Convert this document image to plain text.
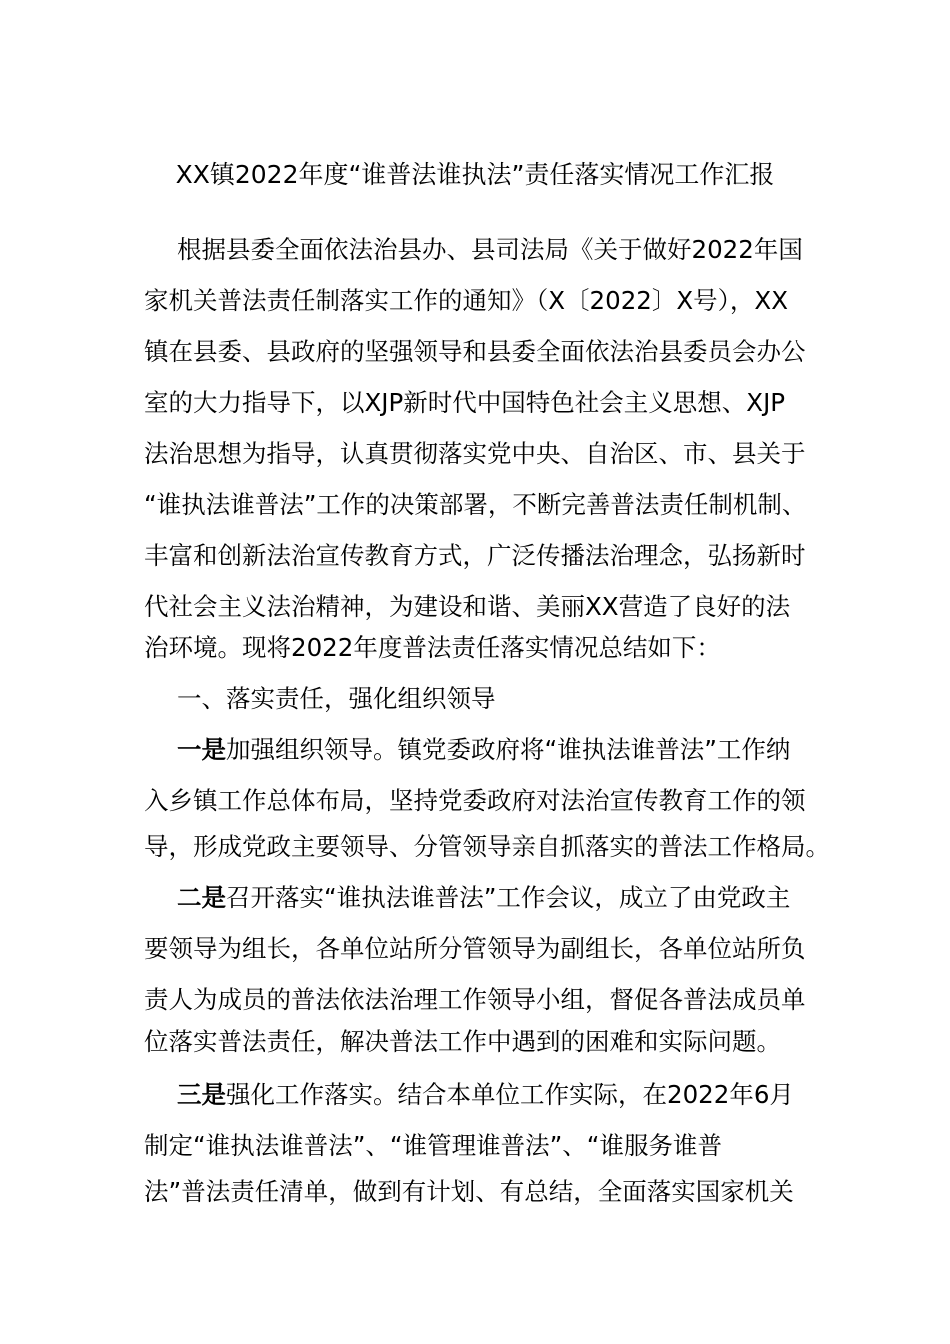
XX镇2022年度“谁普法谁执法”责任落实情况工作汇报
根据县委全面依法治县办、县司法局《关于做好2022年国
家机关普法责任制落实工作的通知》（X〔2022〕X号），XX
镇在县委、县政府的坚强领导和县委全面依法治县委员会办公
室的大力指导下，以XJP新时代中国特色社会主义思想、XJP
法治思想为指导，认真贯彻落实党中央、自治区、市、县关于
“谁执法谁普法”工作的决策部署，不断完善普法责任制机制、
丰富和创新法治宣传教育方式，广泛传播法治理念，弘扬新时
代社会主义法治精神，为建设和谐、美丽XX营造了良好的法
治环境。现将2022年度普法责任落实情况总结如下：
一、落实责任，强化组织领导
一是加强组织领导。镇党委政府将“谁执法谁普法”工作纳
入乡镇工作总体布局，坚持党委政府对法治宣传教育工作的领
导，形成党政主要领导、分管领导亲自抓落实的普法工作格局。
二是召开落实“谁执法谁普法”工作会议，成立了由党政主
要领导为组长，各单位站所分管领导为副组长，各单位站所负
责人为成员的普法依法治理工作领导小组，督促各普法成员单
位落实普法责任，解决普法工作中遇到的困难和实际问题。
三是强化工作落实。结合本单位工作实际，在2022年6月
制定“谁执法谁普法”、“谁管理谁普法”、“谁服务谁普
法”普法责任清单，做到有计划、有总结，全面落实国家机关
